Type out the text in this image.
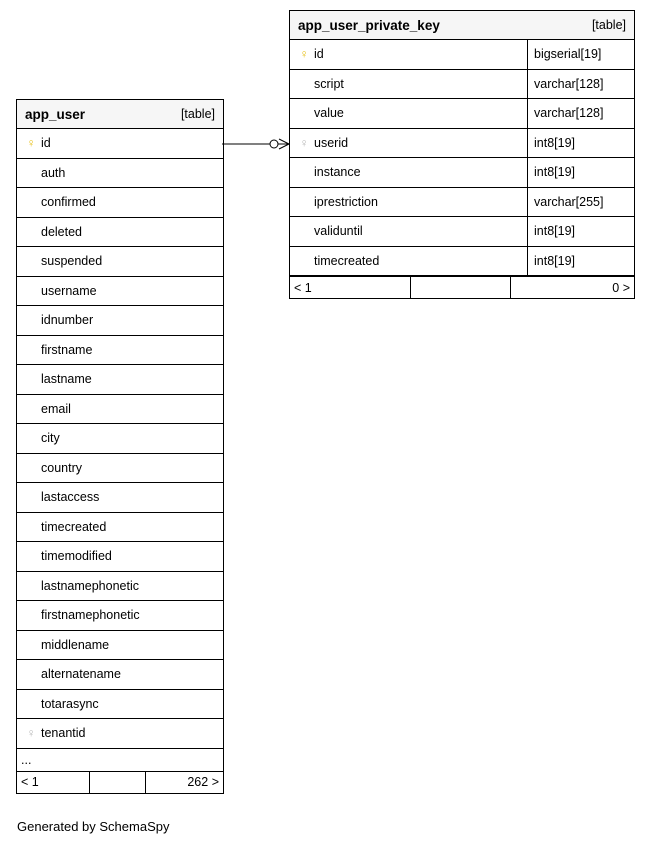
app_user	[table]
♀ id
auth
confirmed
deleted
suspended
username
idnumber
firstname
lastname
email
city
country
lastaccess
timecreated
timemodified
lastnamephonetic
firstnamephonetic
middlename
alternatename
totarasync
♀ tenantid
...
< 1	262 >
app_user_private_key	[table]
♀ id	bigserial[19]
script	varchar[128]
value	varchar[128]
♀ userid	int8[19]
instance	int8[19]
iprestriction	varchar[255]
validuntil	int8[19]
timecreated	int8[19]
< 1	0 >
Generated by SchemaSpy
